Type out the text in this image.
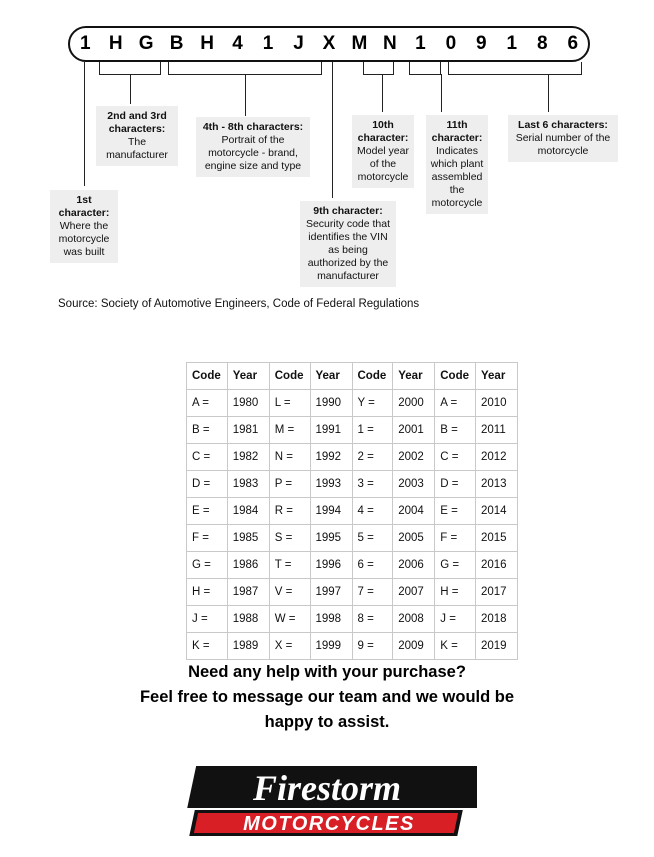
1 H G B H 4	1	J X M N 1	0	9	1	8	6
1st character:
Where the motorcycle was built
2nd and 3rd characters:
The manufacturer
4th - 8th characters:
Portrait of the motorcycle - brand, engine size and type
9th character:
Security code that identifies the VIN as being authorized by the manufacturer
10th character:
Model year of the motorcycle
11th character:
Indicates which plant assembled the motorcycle
Last 6 characters:
Serial number of the motorcycle
Source: Society of Automotive Engineers, Code of Federal Regulations
Code	Year	Code	Year	Code	Year	Code	Year
A =	1980	L =	1990	Y =	2000	A =	2010
B =	1981	M =	1991	1 =	2001	B =	2011
C =	1982	N =	1992	2 =	2002	C =	2012
D =	1983	P =	1993	3 =	2003	D =	2013
E =	1984	R =	1994	4 =	2004	E =	2014
F =	1985	S =	1995	5 =	2005	F =	2015
G =	1986	T =	1996	6 =	2006	G =	2016
H =	1987	V =	1997	7 =	2007	H =	2017
J =	1988	W =	1998	8 =	2008	J =	2018
K =	1989	X =	1999	9 =	2009	K =	2019
Need any help with your purchase?
Feel free to message our team and we would be
happy to assist.
Firestorm
MOTORCYCLES
